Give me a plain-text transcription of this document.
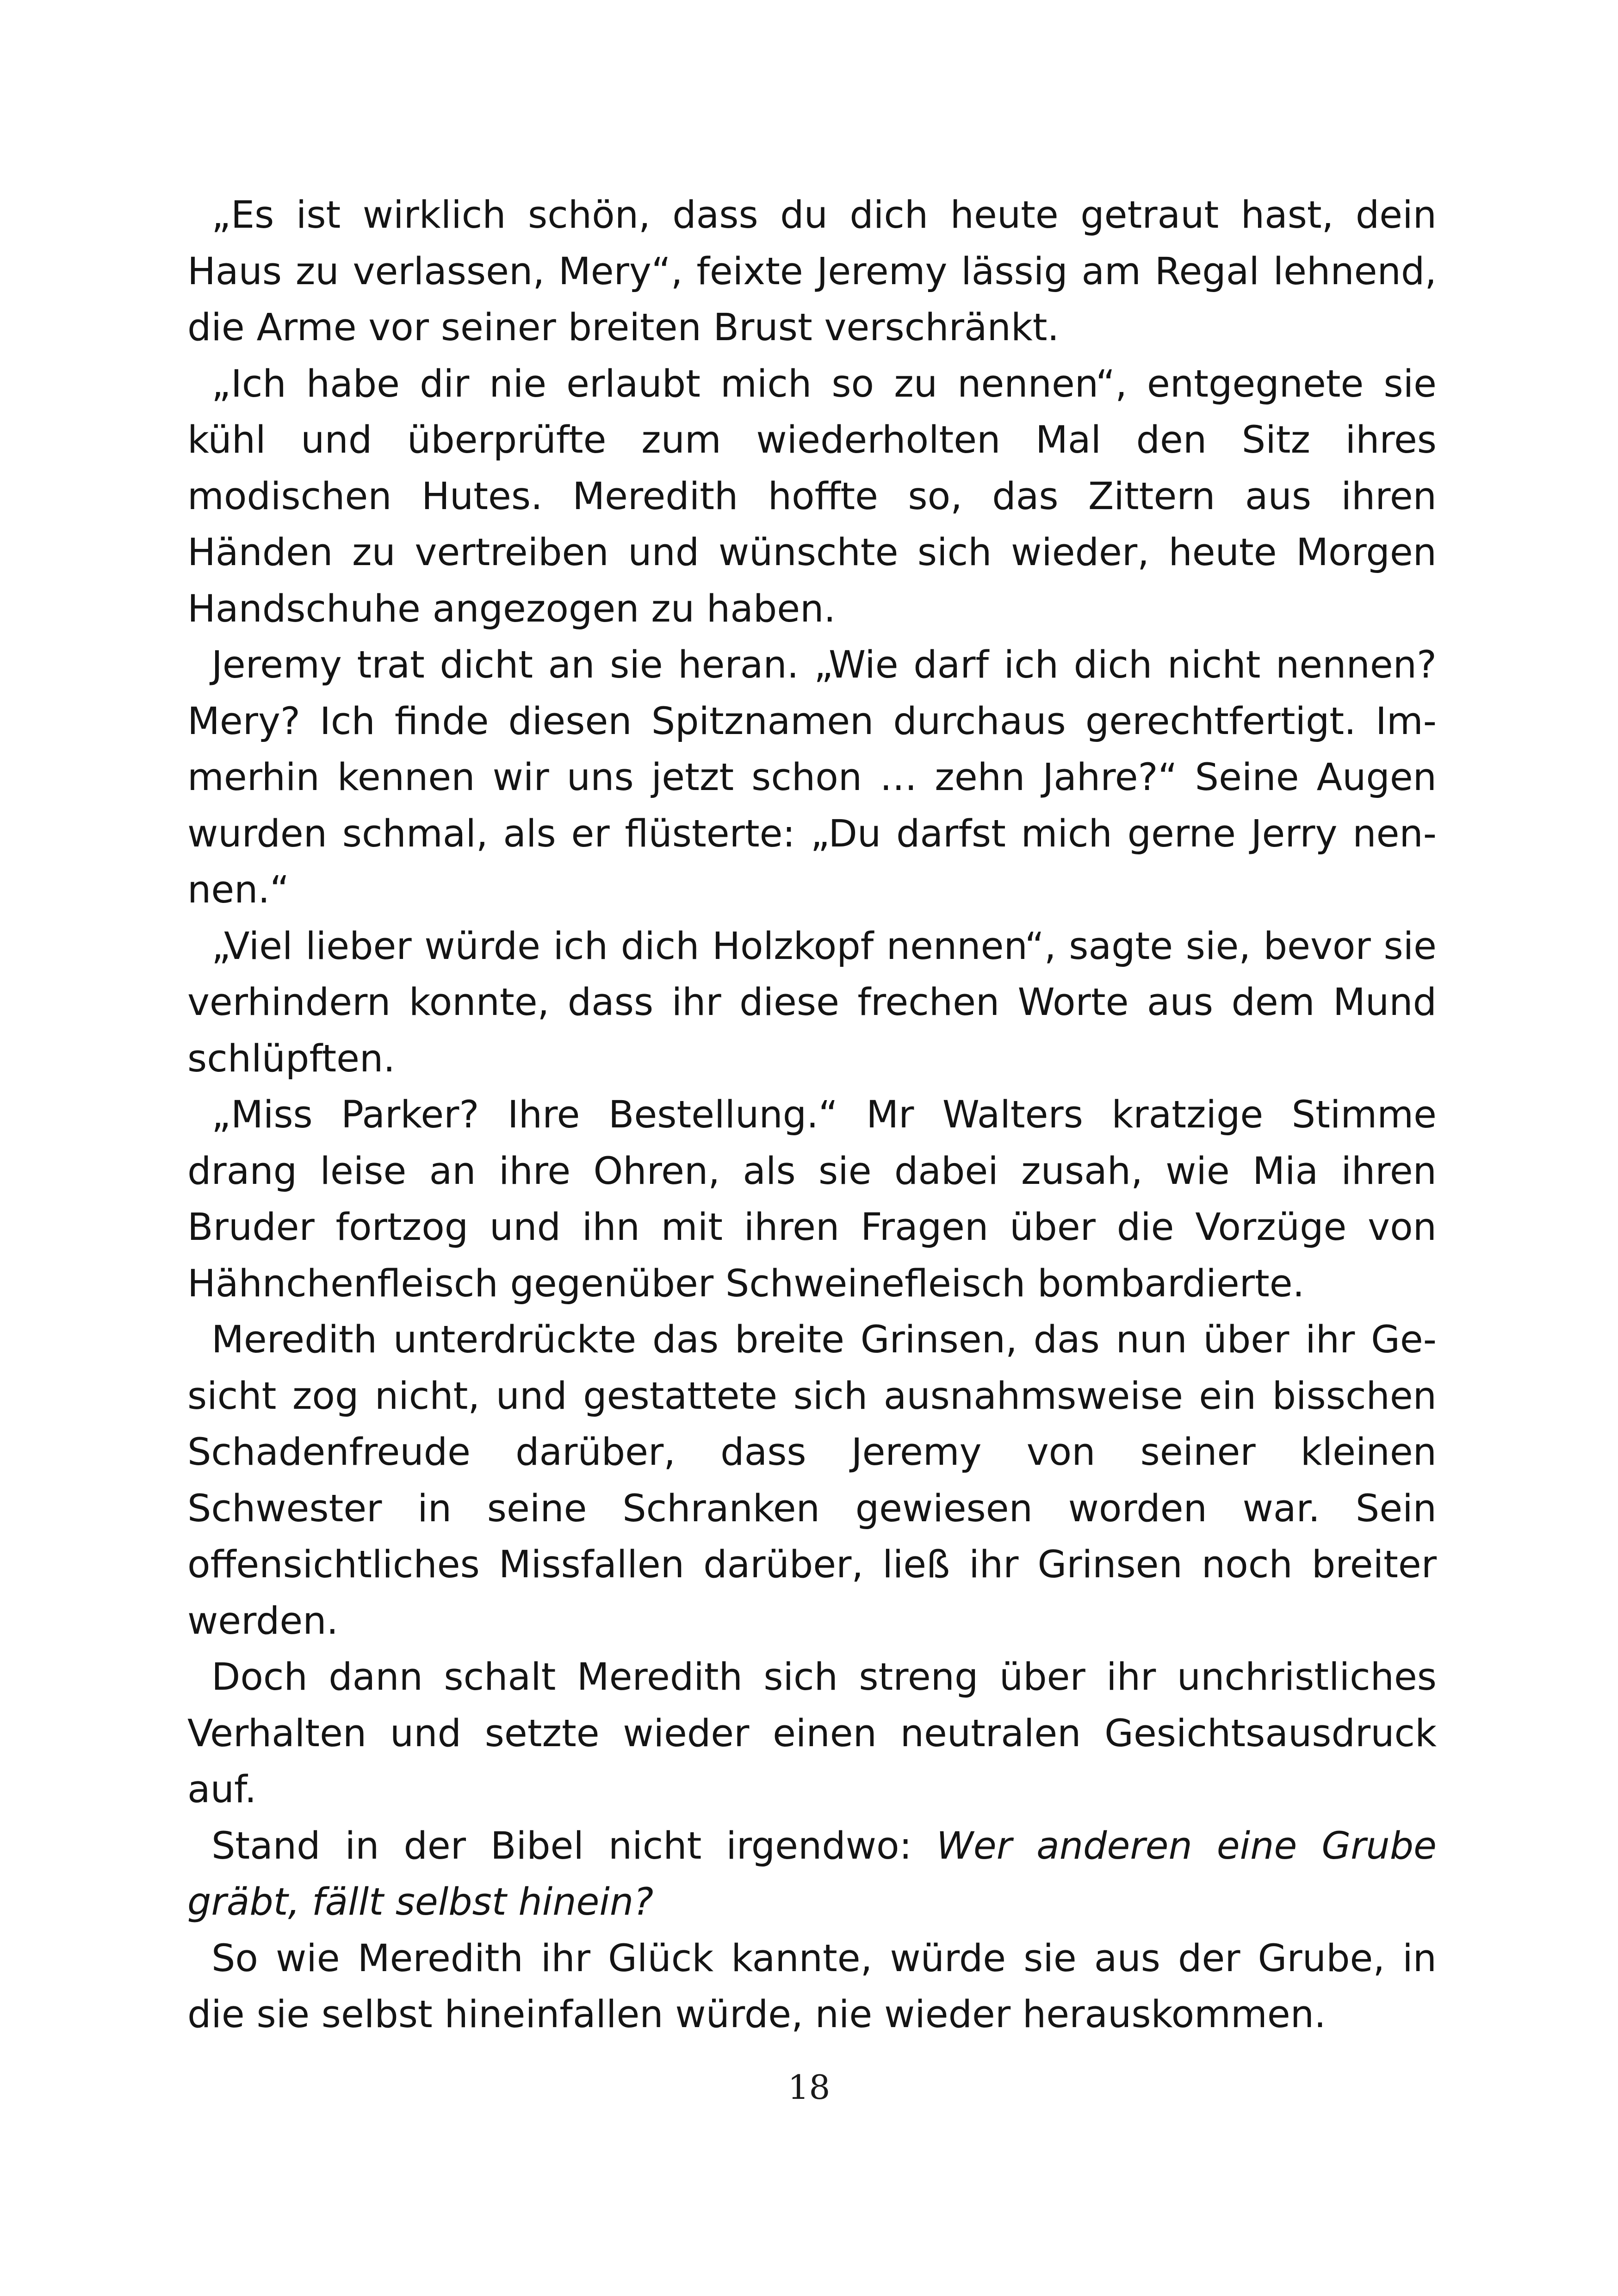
„Es ist wirklich schön, dass du dich heute getraut hast, dein Haus zu verlassen, Mery“, feixte Jeremy lässig am Regal lehnend, die Arme vor seiner breiten Brust verschränkt.

„Ich habe dir nie erlaubt mich so zu nennen“, entgegnete sie kühl und überprüfte zum wiederholten Mal den Sitz ihres modischen Hutes. Meredith hoffte so, das Zittern aus ihren Händen zu vertreiben und wünschte sich wieder, heute Morgen Handschuhe angezogen zu haben.

Jeremy trat dicht an sie heran. „Wie darf ich dich nicht nennen? Mery? Ich finde diesen Spitznamen durchaus gerechtfertigt. Immerhin kennen wir uns jetzt schon … zehn Jahre?“ Seine Augen wurden schmal, als er flüsterte: „Du darfst mich gerne Jerry nennen.“

„Viel lieber würde ich dich Holzkopf nennen“, sagte sie, bevor sie verhindern konnte, dass ihr diese frechen Worte aus dem Mund schlüpften.

„Miss Parker? Ihre Bestellung.“ Mr Walters kratzige Stimme drang leise an ihre Ohren, als sie dabei zusah, wie Mia ihren Bruder fortzog und ihn mit ihren Fragen über die Vorzüge von Hähnchenfleisch gegenüber Schweinefleisch bombardierte.

Meredith unterdrückte das breite Grinsen, das nun über ihr Gesicht zog nicht, und gestattete sich ausnahmsweise ein bisschen Schadenfreude darüber, dass Jeremy von seiner kleinen Schwester in seine Schranken gewiesen worden war. Sein offensichtliches Missfallen darüber, ließ ihr Grinsen noch breiter werden.

Doch dann schalt Meredith sich streng über ihr unchristliches Verhalten und setzte wieder einen neutralen Gesichtsausdruck auf.

Stand in der Bibel nicht irgendwo: Wer anderen eine Grube gräbt, fällt selbst hinein?

So wie Meredith ihr Glück kannte, würde sie aus der Grube, in die sie selbst hineinfallen würde, nie wieder herauskommen.

18
